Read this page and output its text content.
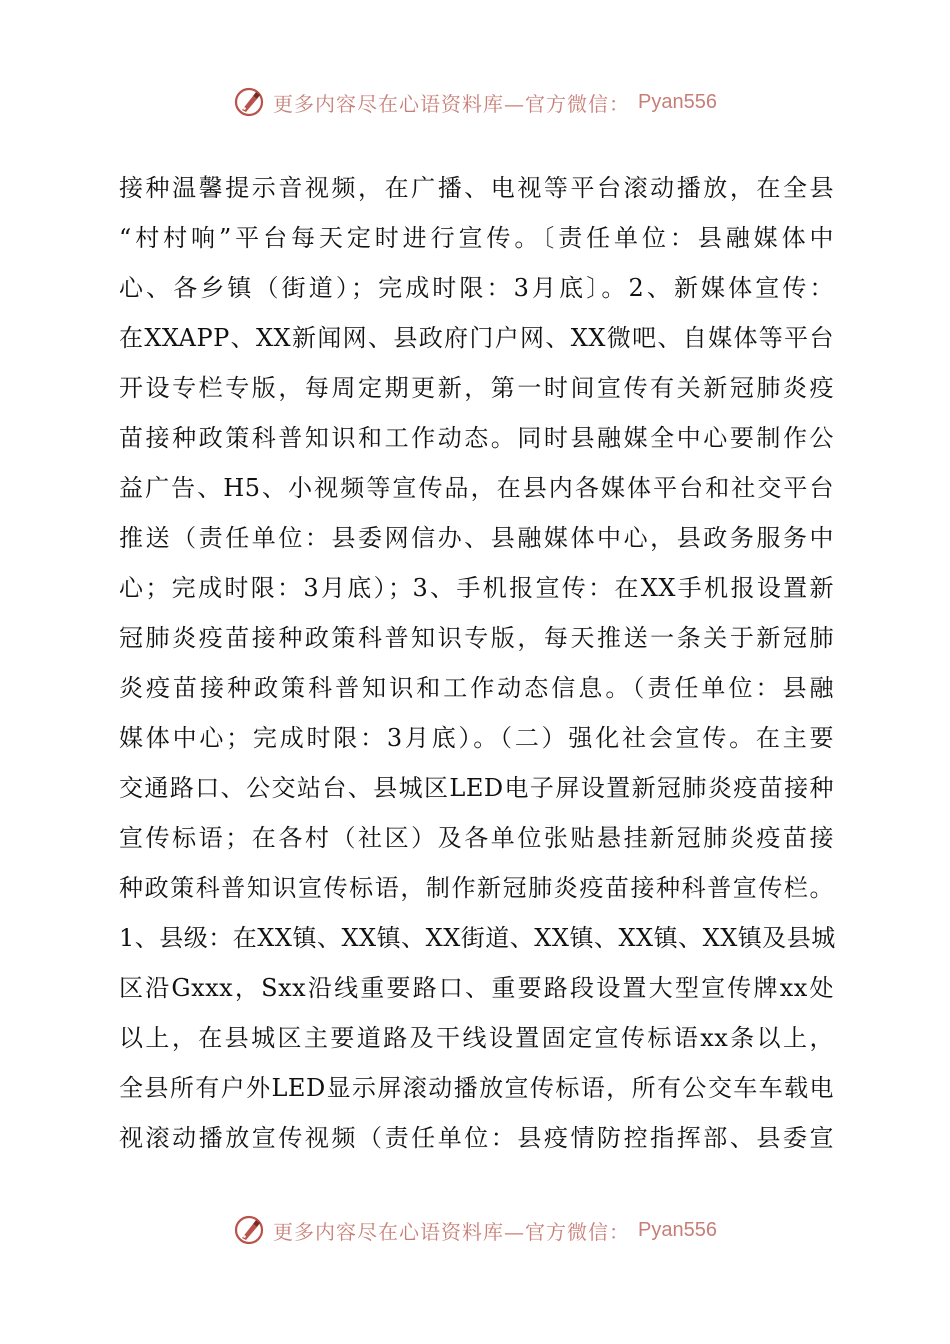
更多内容尽在心语资料库—官方微信： Pyan556
接种温馨提示音视频，在广播、电视等平台滚动播放，在全县
“村村响”平台每天定时进行宣传。〔责任单位：县融媒体中
心、各乡镇（街道）；完成时限：3月底〕。2、新媒体宣传：
在XXAPP、XX新闻网、县政府门户网、XX微吧、自媒体等平台
开设专栏专版，每周定期更新，第一时间宣传有关新冠肺炎疫
苗接种政策科普知识和工作动态。同时县融媒全中心要制作公
益广告、H5、小视频等宣传品，在县内各媒体平台和社交平台
推送（责任单位：县委网信办、县融媒体中心，县政务服务中
心；完成时限：3月底）；3、手机报宣传：在XX手机报设置新
冠肺炎疫苗接种政策科普知识专版，每天推送一条关于新冠肺
炎疫苗接种政策科普知识和工作动态信息。（责任单位：县融
媒体中心；完成时限：3月底）。（二）强化社会宣传。在主要
交通路口、公交站台、县城区LED电子屏设置新冠肺炎疫苗接种
宣传标语；在各村（社区）及各单位张贴悬挂新冠肺炎疫苗接
种政策科普知识宣传标语，制作新冠肺炎疫苗接种科普宣传栏。
1、县级：在XX镇、XX镇、XX街道、XX镇、XX镇、XX镇及县城
区沿Gxxx，Sxx沿线重要路口、重要路段设置大型宣传牌xx处
以上，在县城区主要道路及干线设置固定宣传标语xx条以上，
全县所有户外LED显示屏滚动播放宣传标语，所有公交车车载电
视滚动播放宣传视频（责任单位：县疫情防控指挥部、县委宣
更多内容尽在心语资料库—官方微信： Pyan556
